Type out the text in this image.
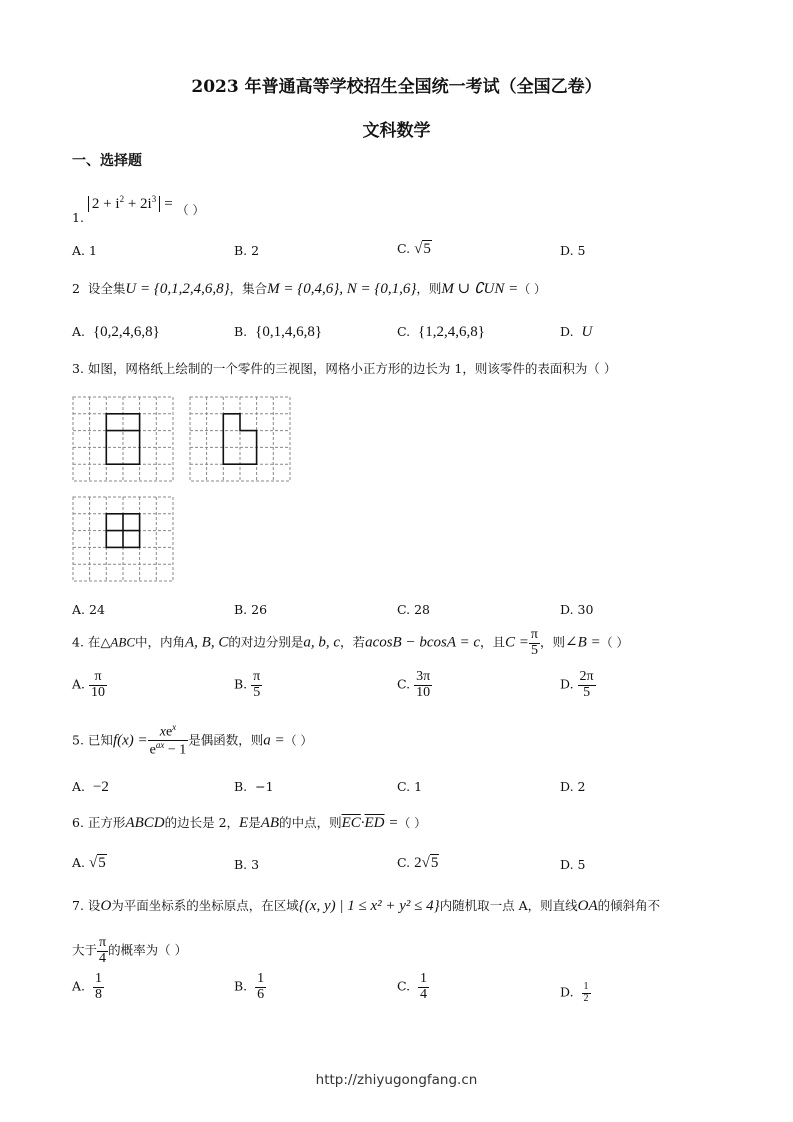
2023 年普通高等学校招生全国统一考试（全国乙卷）
文科数学
一、选择题
1. $2 + i^2 + 2i^3$ = （ ）
A. 1	B. 2	C. √5	D. 5
2 设全集U = {0,1,2,4,6,8}，集合M = {0,4,6}, N = {0,1,6}，则M ∪ ∁UN =（ ）
A. {0,2,4,6,8}	B. {0,1,4,6,8}	C. {1,2,4,6,8}	D. U
3. 如图，网格纸上绘制的一个零件的三视图，网格小正方形的边长为 1，则该零件的表面积为（ ）
A. 24	B. 26	C. 28	D. 30
4. 在△ABC中，内角A, B, C的对边分别是a, b, c，若acosB − bcosA = c，且$C = \frac{\pi}{5}$ ，则∠B =（ ）
A. $\frac{\pi}{10}$	B. $\frac{\pi}{5}$	C. $\frac{3\pi}{10}$	D. $\frac{2\pi}{5}$
5. 已知$f(x) = \frac{xe^x}{e^{ax} - 1}$ 是偶函数，则a =（ ）
A. −2	B. −1	C. 1	D. 2
6. 正方形ABCD的边长是 2，E是AB的中点，则$\overline{EC}\cdot\overline{ED}$ =（ ）
A. √5	B. 3	C. 2√5	D. 5
7. 设O为平面坐标系的坐标原点，在区域{(x, y) | 1 ≤ x² + y² ≤ 4}内随机取一点 A，则直线OA的倾斜角不
大于 $\frac{\pi}{4}$ 的概率为（ ）
A. $\frac{1}{8}$	B. $\frac{1}{6}$	C. $\frac{1}{4}$	D. $\frac{1}{2}$
http://zhiyugongfang.cn
